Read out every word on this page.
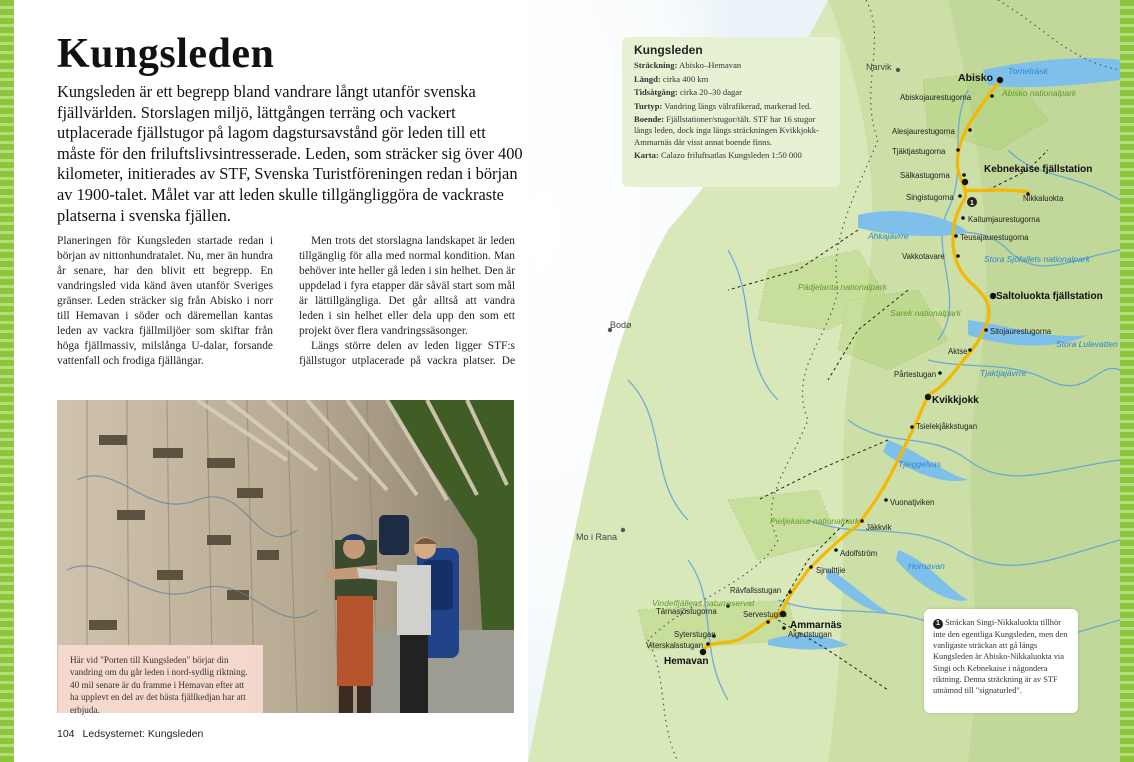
Kungsleden

Kungsleden är ett begrepp bland vandrare långt utanför svenska fjällvärlden. Storslagen miljö, lättgången terräng och vackert utplacerade fjällstugor på lagom dagstursavstånd gör leden till ett måste för den friluftslivsintresserade. Leden, som sträcker sig över 400 kilometer, initierades av STF, Svenska Turistföreningen redan i början av 1900-talet. Målet var att leden skulle tillgängliggöra de vackraste platserna i svenska fjällen.

Planeringen för Kungsleden startade redan i början av nittonhundratalet. Nu, mer än hundra år senare, har den blivit ett begrepp. En vandringsled vida känd även utanför Sveriges gränser. Leden sträcker sig från Abisko i norr till Hemavan i söder och däremellan kantas leden av vackra fjällmiljöer som skiftar från höga fjällmassiv, milslånga U-dalar, forsande vattenfall och frodiga fjällängar.

Men trots det storslagna landskapet är leden tillgänglig för alla med normal kondition. Man behöver inte heller gå leden i sin helhet. Den är uppdelad i fyra etapper där såväl start som mål är lättillgängliga. Det går alltså att vandra leden i sin helhet eller dela upp den som ett projekt över flera vandringssäsonger.

Längs större delen av leden ligger STF:s fjällstugor utplacerade på vackra platser. De

Här vid "Porten till Kungsleden" börjar din vandring om du går leden i nord-sydlig riktning. 40 mil senare är du framme i Hemavan efter att ha upplevt en del av det bästa fjällkedjan har att erbjuda.
104 Ledsystemet: Kungsleden
1
Narvik
Bodø
Mo i Rana
Abisko
Kebnekaise fjällstation
Saltoluokta fjällstation
Kvikkjokk
Ammarnäs
Hemavan
Abiskojaurestugorna
Alesjaurestugorna
Tjäktjastugorna
Sälkastugorna
Singistugorna	Nikkaluokta
Kaitumjaurestugorna
Teusajaurestugorna
Vakkotavare
Sitojaurestugorna
Aktse
Pårtestugan
Tsielekjåkkstugan
Vuonatjviken
Jäkkvik
Adolfström
Sjnulttjie
Rävfallsstugan
Tärnasjöstugorna	Servestugan
Aigertstugan
Syterstugan
Viterskalsstugan
Torneträsk
Áhkajávrre
Stora Sjöfallets nationalpark
Stora Lulevatten
Tjaktjajávrre
Tjieggelvas
Hornavan
Abisko nationalpark
Pádjelanta nationalpark
Sarek nationalpark
Pieljekaise nationalpark
Vindelfjällens naturreservat
Kungsleden
Sträckning: Abisko–Hemavan
Längd: cirka 400 km
Tidsåtgång: cirka 20–30 dagar
Turtyp: Vandring längs välrafikerad, markerad led.
Boende: Fjällstationer/stugor/tält. STF har 16 stugor längs leden, dock inga längs sträckningen Kvikkjokk-Ammarnäs där visst annat boende finns.
Karta: Calazo friluftsatlas Kungsleden 1:50 000
1 Sträckan Singi-Nikkaluokta tillhör inte den egentliga Kungsleden, men den vanligaste sträckan att gå längs Kungsleden är Abisko-Nikkaluokta via Singi och Kebnekaise i någondera riktning. Denna sträckning är av STF utnämnd till "signaturled".
